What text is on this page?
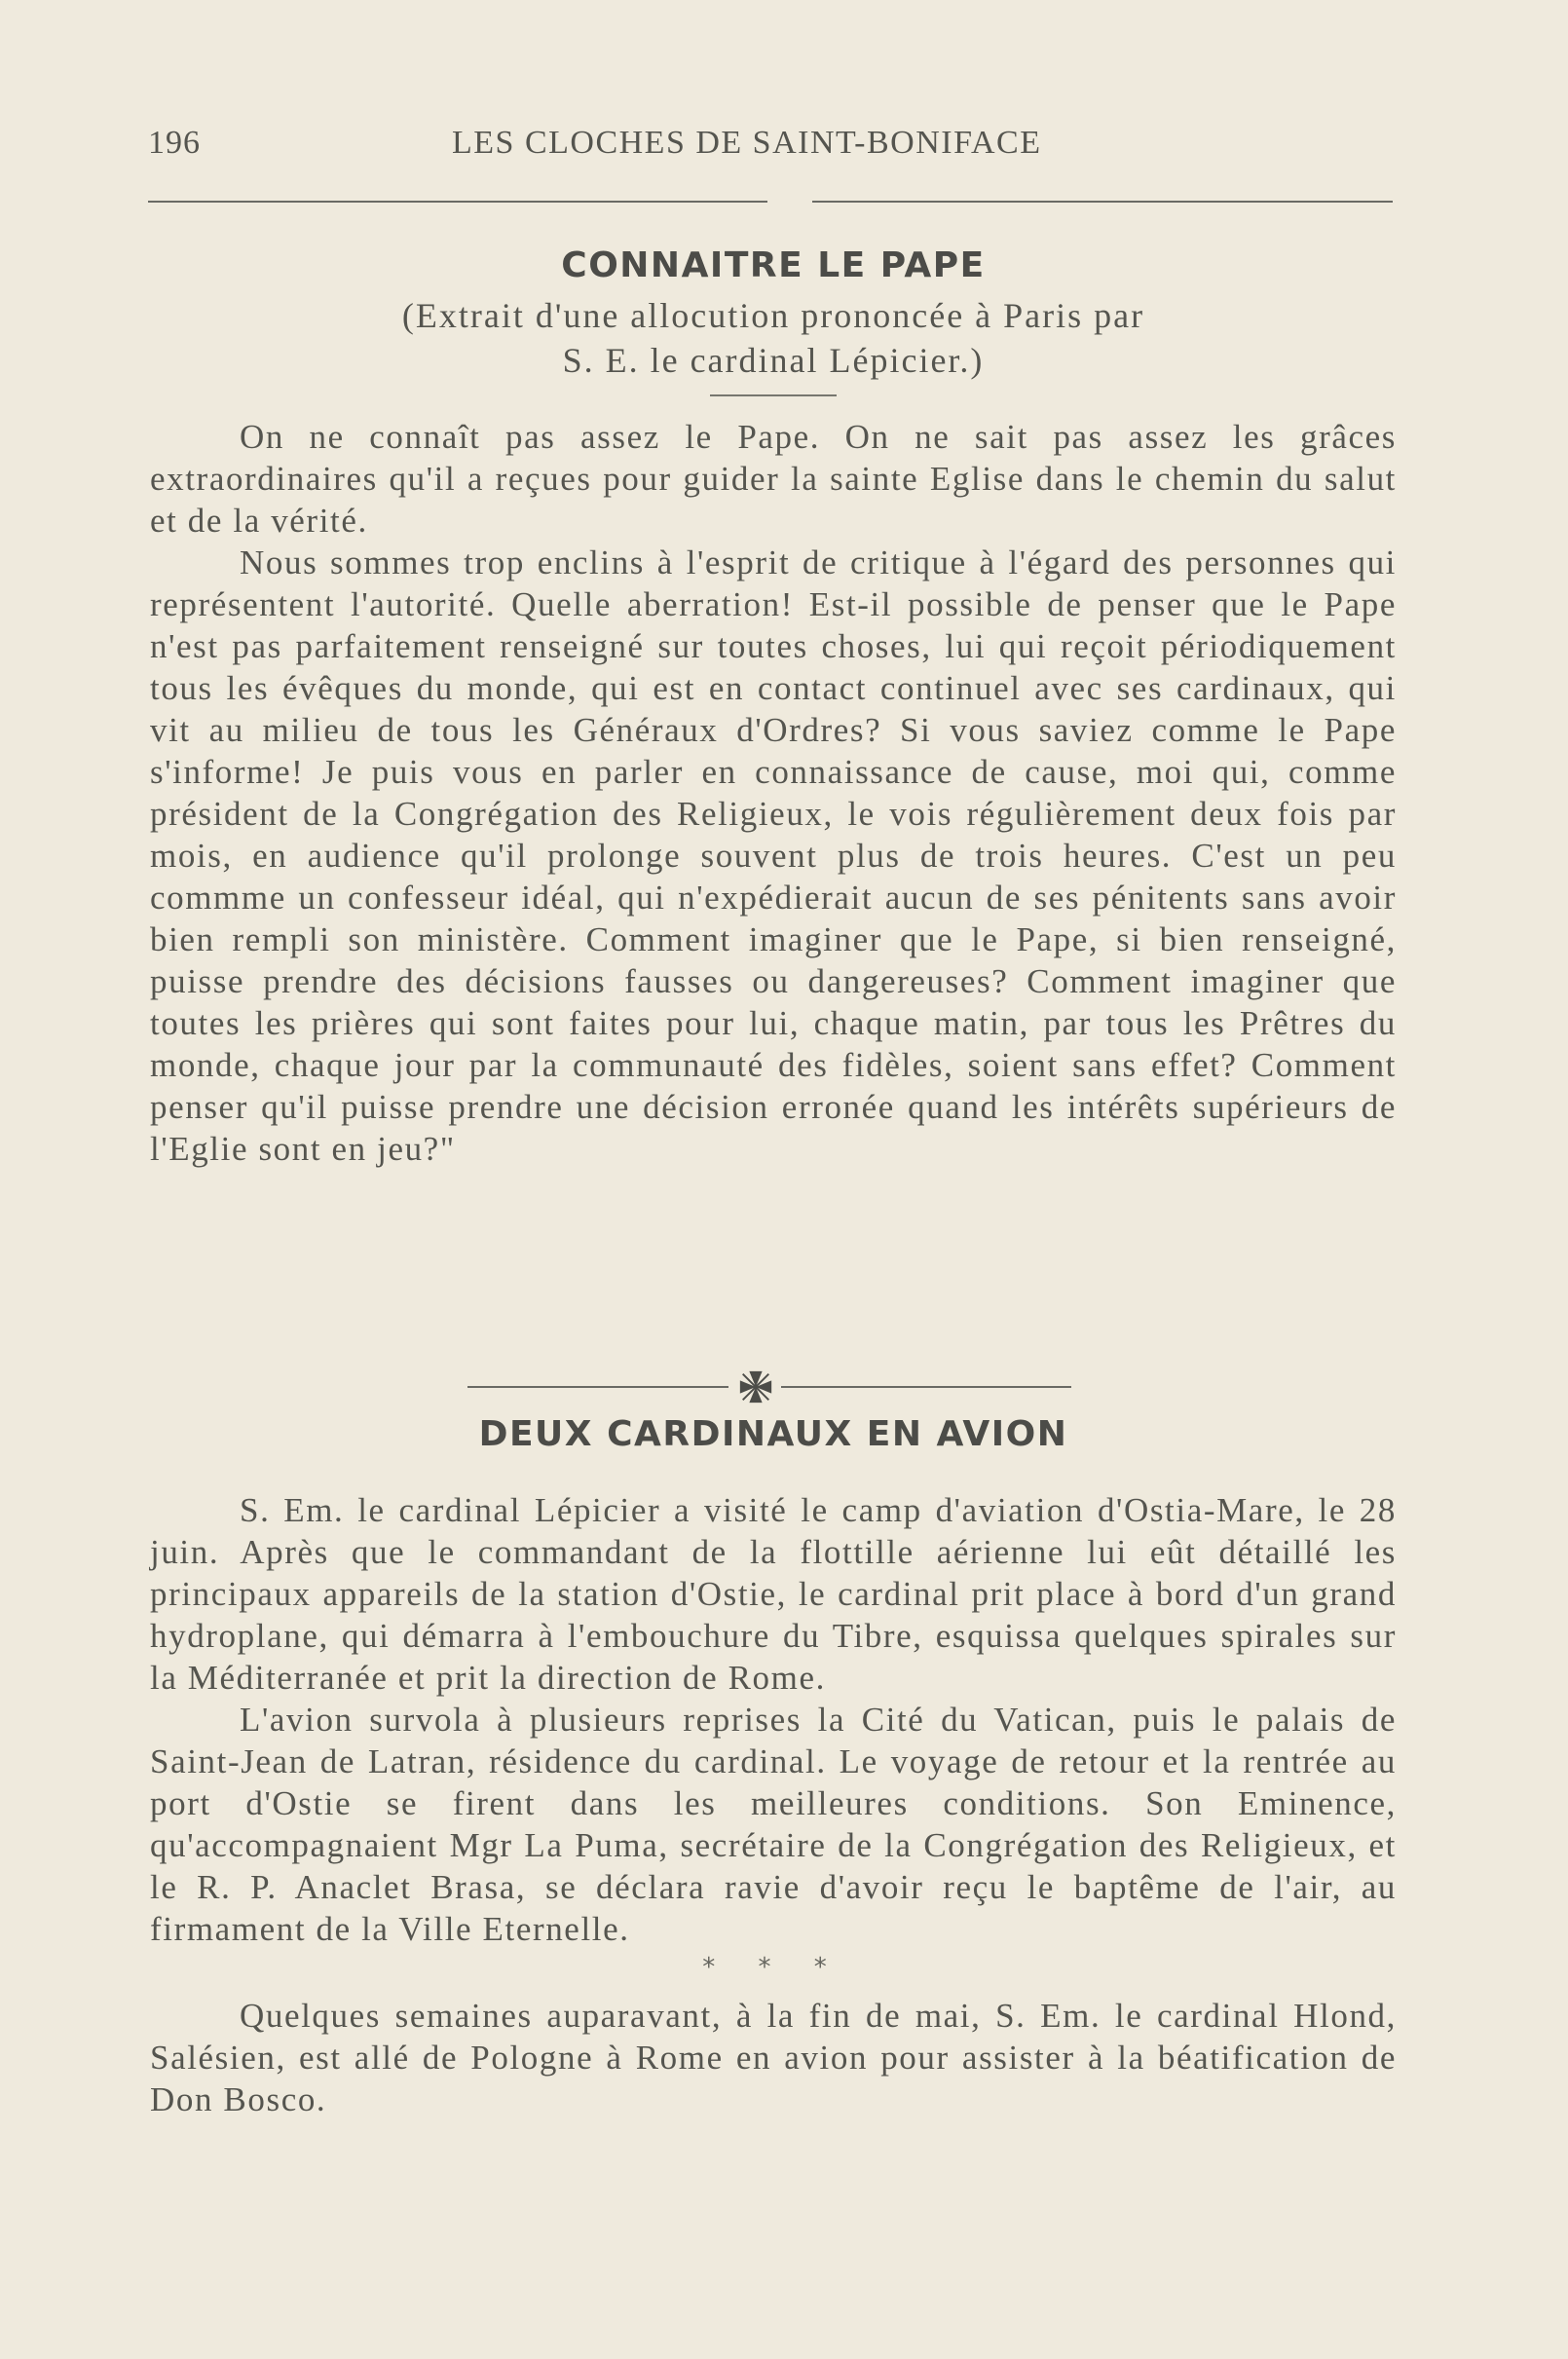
196	LES CLOCHES DE SAINT-BONIFACE
CONNAITRE LE PAPE
(Extrait d'une allocution prononcée à Paris par
S. E. le cardinal Lépicier.)

On ne connaît pas assez le Pape. On ne sait pas assez les grâces extraordinaires qu'il a reçues pour guider la sainte Eglise dans le chemin du salut et de la vérité.

Nous sommes trop enclins à l'esprit de critique à l'égard des personnes qui représentent l'autorité. Quelle aberration! Est-il possible de penser que le Pape n'est pas parfaitement renseigné sur toutes choses, lui qui reçoit périodiquement tous les évêques du monde, qui est en contact continuel avec ses cardinaux, qui vit au milieu de tous les Généraux d'Ordres? Si vous saviez comme le Pape s'informe! Je puis vous en parler en connaissance de cause, moi qui, comme président de la Congrégation des Religieux, le vois régulièrement deux fois par mois, en audience qu'il prolonge souvent plus de trois heures. C'est un peu commme un confesseur idéal, qui n'expédierait aucun de ses pénitents sans avoir bien rempli son ministère. Comment imaginer que le Pape, si bien renseigné, puisse prendre des décisions fausses ou dangereuses? Comment imaginer que toutes les prières qui sont faites pour lui, chaque matin, par tous les Prêtres du monde, chaque jour par la communauté des fidèles, soient sans effet? Comment penser qu'il puisse prendre une décision erronée quand les intérêts supérieurs de l'Eglie sont en jeu?"

DEUX CARDINAUX EN AVION

S. Em. le cardinal Lépicier a visité le camp d'aviation d'Ostia-Mare, le 28 juin. Après que le commandant de la flottille aérienne lui eût détaillé les principaux appareils de la station d'Ostie, le cardinal prit place à bord d'un grand hydroplane, qui démarra à l'embouchure du Tibre, esquissa quelques spirales sur la Méditerranée et prit la direction de Rome.

L'avion survola à plusieurs reprises la Cité du Vatican, puis le palais de Saint-Jean de Latran, résidence du cardinal. Le voyage de retour et la rentrée au port d'Ostie se firent dans les meilleures conditions. Son Eminence, qu'accompagnaient Mgr La Puma, secrétaire de la Congrégation des Religieux, et le R. P. Anaclet Brasa, se déclara ravie d'avoir reçu le baptême de l'air, au firmament de la Ville Eternelle.

* * *

Quelques semaines auparavant, à la fin de mai, S. Em. le cardinal Hlond, Salésien, est allé de Pologne à Rome en avion pour assister à la béatification de Don Bosco.
